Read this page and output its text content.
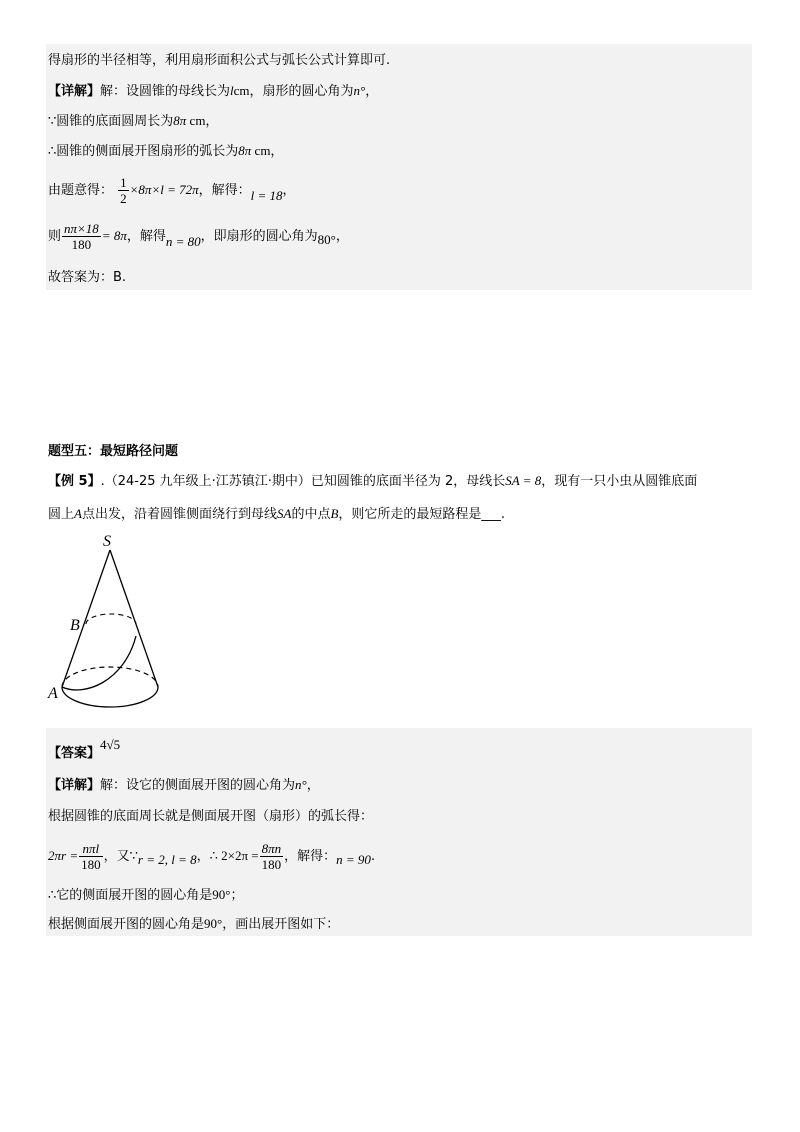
得扇形的半径相等，利用扇形面积公式与弧长公式计算即可.
【详解】解：设圆锥的母线长为lcm，扇形的圆心角为n°，
∵圆锥的底面圆周长为8π cm，
∴圆锥的侧面展开图扇形的弧长为8π cm，
由题意得： $\frac{1}{2} \times 8\pi\times l = 72\pi$，解得：l = 18，
则 $\frac{n\pi\times 18}{180} = 8\pi$，解得n = 80，即扇形的圆心角为80°，
故答案为：B.
题型五：最短路径问题
【例 5】.（24-25 九年级上·江苏镇江·期中）已知圆锥的底面半径为 2，母线长SA = 8，现有一只小虫从圆锥底面
圆上A点出发，沿着圆锥侧面绕行到母线SA的中点B，则它所走的最短路程是___.
S
B
A
【答案】4√5
【详解】解：设它的侧面展开图的圆心角为n°，
根据圆锥的底面周长就是侧面展开图（扇形）的弧长得：
$2\pi r = \frac{\text{nπl}}{180}$ ，又∵r = 2, l = 8，∴ $2\times 2\pi = \frac{8\pi n}{180}$ ，解得：n = 90.
∴它的侧面展开图的圆心角是90°；
根据侧面展开图的圆心角是90°，画出展开图如下：
